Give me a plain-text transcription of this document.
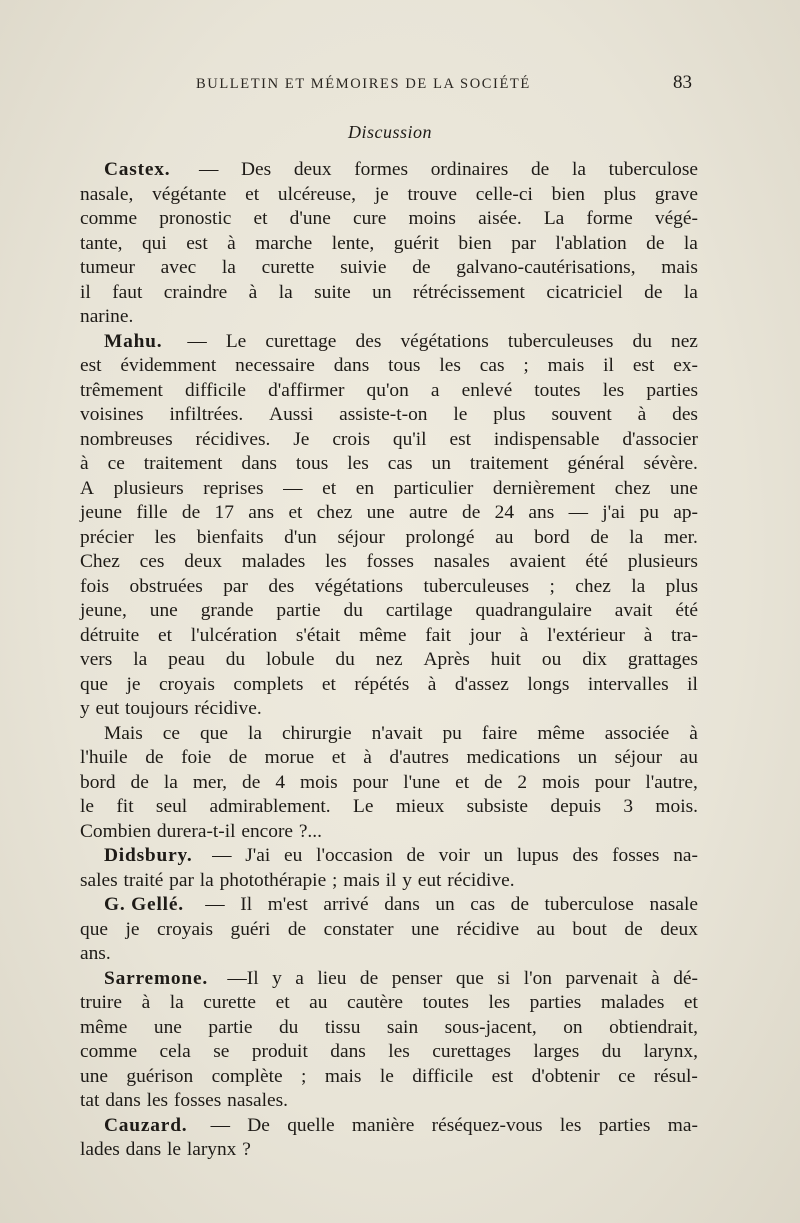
BULLETIN ET MÉMOIRES DE LA SOCIÉTÉ	83
Discussion
Castex. — Des deux formes ordinaires de la tuberculose
nasale, végétante et ulcéreuse, je trouve celle-ci bien plus grave
comme pronostic et d'une cure moins aisée. La forme végé-
tante, qui est à marche lente, guérit bien par l'ablation de la
tumeur avec la curette suivie de galvano-cautérisations, mais
il faut craindre à la suite un rétrécissement cicatriciel de la
narine.
Mahu. — Le curettage des végétations tuberculeuses du nez
est évidemment necessaire dans tous les cas ; mais il est ex-
trêmement difficile d'affirmer qu'on a enlevé toutes les parties
voisines infiltrées. Aussi assiste-t-on le plus souvent à des
nombreuses récidives. Je crois qu'il est indispensable d'associer
à ce traitement dans tous les cas un traitement général sévère.
A plusieurs reprises — et en particulier dernièrement chez une
jeune fille de 17 ans et chez une autre de 24 ans — j'ai pu ap-
précier les bienfaits d'un séjour prolongé au bord de la mer.
Chez ces deux malades les fosses nasales avaient été plusieurs
fois obstruées par des végétations tuberculeuses ; chez la plus
jeune, une grande partie du cartilage quadrangulaire avait été
détruite et l'ulcération s'était même fait jour à l'extérieur à tra-
vers la peau du lobule du nez Après huit ou dix grattages
que je croyais complets et répétés à d'assez longs intervalles il
y eut toujours récidive.
Mais ce que la chirurgie n'avait pu faire même associée à
l'huile de foie de morue et à d'autres medications un séjour au
bord de la mer, de 4 mois pour l'une et de 2 mois pour l'autre,
le fit seul admirablement. Le mieux subsiste depuis 3 mois.
Combien durera-t-il encore ?...
Didsbury. — J'ai eu l'occasion de voir un lupus des fosses na-
sales traité par la photothérapie ; mais il y eut récidive.
G. Gellé. — Il m'est arrivé dans un cas de tuberculose nasale
que je croyais guéri de constater une récidive au bout de deux
ans.
Sarremone. —Il y a lieu de penser que si l'on parvenait à dé-
truire à la curette et au cautère toutes les parties malades et
même une partie du tissu sain sous-jacent, on obtiendrait,
comme cela se produit dans les curettages larges du larynx,
une guérison complète ; mais le difficile est d'obtenir ce résul-
tat dans les fosses nasales.
Cauzard. — De quelle manière réséquez-vous les parties ma-
lades dans le larynx ?
